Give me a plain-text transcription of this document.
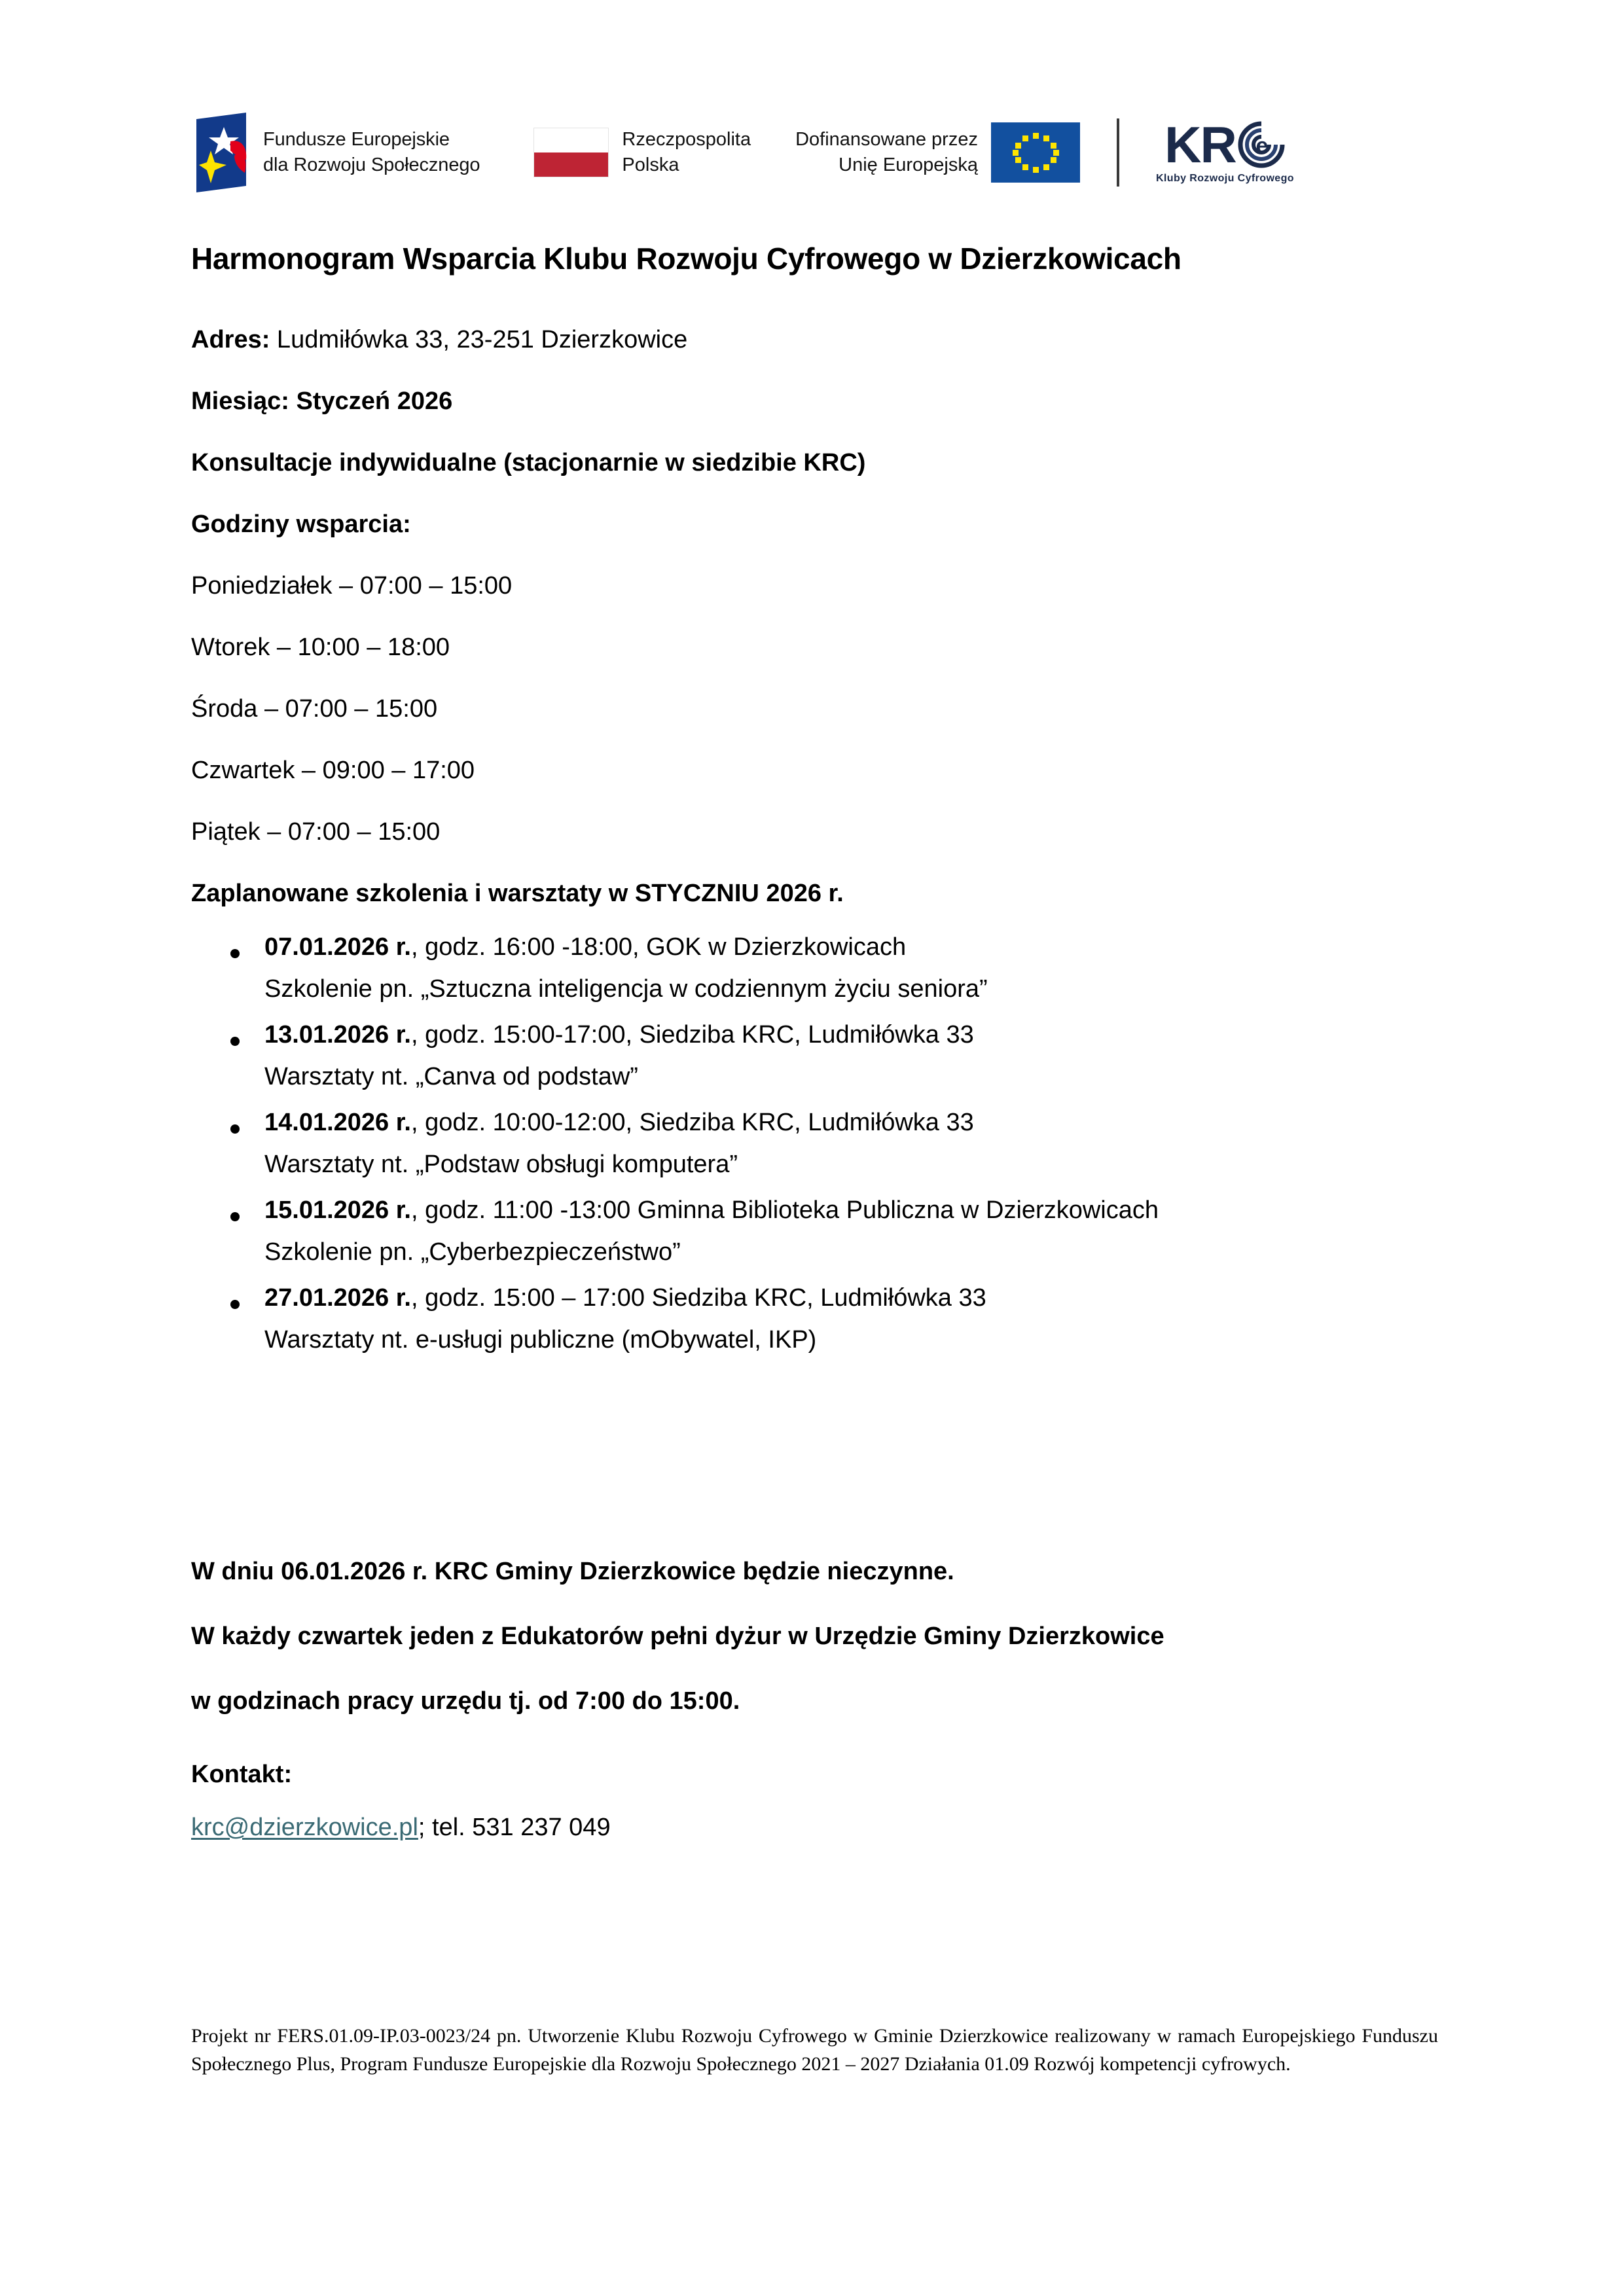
Fundusze Europejskie
dla Rozwoju Społecznego
Rzeczpospolita
Polska
Dofinansowane przez
Unię Europejską	KR e
Kluby Rozwoju Cyfrowego
Harmonogram Wsparcia Klubu Rozwoju Cyfrowego w Dzierzkowicach

Adres: Ludmiłówka 33, 23-251 Dzierzkowice

Miesiąc: Styczeń 2026

Konsultacje indywidualne (stacjonarnie w siedzibie KRC)

Godziny wsparcia:

Poniedziałek – 07:00 – 15:00

Wtorek – 10:00 – 18:00

Środa – 07:00 – 15:00

Czwartek – 09:00 – 17:00

Piątek – 07:00 – 15:00

Zaplanowane szkolenia i warsztaty w STYCZNIU 2026 r.

07.01.2026 r., godz. 16:00 -18:00, GOK w Dzierzkowicach
Szkolenie pn. „Sztuczna inteligencja w codziennym życiu seniora”
13.01.2026 r., godz. 15:00-17:00, Siedziba KRC, Ludmiłówka 33
Warsztaty nt. „Canva od podstaw”
14.01.2026 r., godz. 10:00-12:00, Siedziba KRC, Ludmiłówka 33
Warsztaty nt. „Podstaw obsługi komputera”
15.01.2026 r., godz. 11:00 -13:00 Gminna Biblioteka Publiczna w Dzierzkowicach
Szkolenie pn. „Cyberbezpieczeństwo”
27.01.2026 r., godz. 15:00 – 17:00 Siedziba KRC, Ludmiłówka 33
Warsztaty nt. e-usługi publiczne (mObywatel, IKP)

W dniu 06.01.2026 r. KRC Gminy Dzierzkowice będzie nieczynne.

W każdy czwartek jeden z Edukatorów pełni dyżur w Urzędzie Gminy Dzierzkowice

w godzinach pracy urzędu tj. od 7:00 do 15:00.

Kontakt:

krc@dzierzkowice.pl; tel. 531 237 049

Projekt nr FERS.01.09-IP.03-0023/24 pn. Utworzenie Klubu Rozwoju Cyfrowego w Gminie Dzierzkowice realizowany w ramach Europejskiego Funduszu Społecznego Plus, Program Fundusze Europejskie dla Rozwoju Społecznego 2021 – 2027 Działania 01.09 Rozwój kompetencji cyfrowych.
